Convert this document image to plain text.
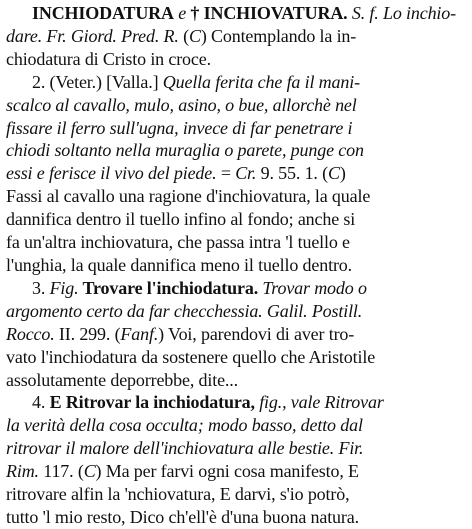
INCHIODATURA e † INCHIOVATURA. S. f. Lo inchio-
dare. Fr. Giord. Pred. R. (C) Contemplando la in-
chiodatura di Cristo in croce.
2. (Veter.) [Valla.] Quella ferita che fa il mani-
scalco al cavallo, mulo, asino, o bue, allorchè nel
fissare il ferro sull'ugna, invece di far penetrare i
chiodi soltanto nella muraglia o parete, punge con
essi e ferisce il vivo del piede. = Cr. 9. 55. 1. (C)
Fassi al cavallo una ragione d'inchiovatura, la quale
dannifica dentro il tuello infino al fondo; anche si
fa un'altra inchiovatura, che passa intra 'l tuello e
l'unghia, la quale dannifica meno il tuello dentro.
3. Fig. Trovare l'inchiodatura. Trovar modo o
argomento certo da far checchessia. Galil. Postill.
Rocco. II. 299. (Fanf.) Voi, parendovi di aver tro-
vato l'inchiodatura da sostenere quello che Aristotile
assolutamente deporrebbe, dite...
4. E Ritrovar la inchiodatura, fig., vale Ritrovar
la verità della cosa occulta; modo basso, detto dal
ritrovar il malore dell'inchiovatura alle bestie. Fir.
Rim. 117. (C) Ma per farvi ogni cosa manifesto, E
ritrovare alfin la 'nchiovatura, E darvi, s'io potrò,
tutto 'l mio resto, Dico ch'ell'è d'una buona natura.
